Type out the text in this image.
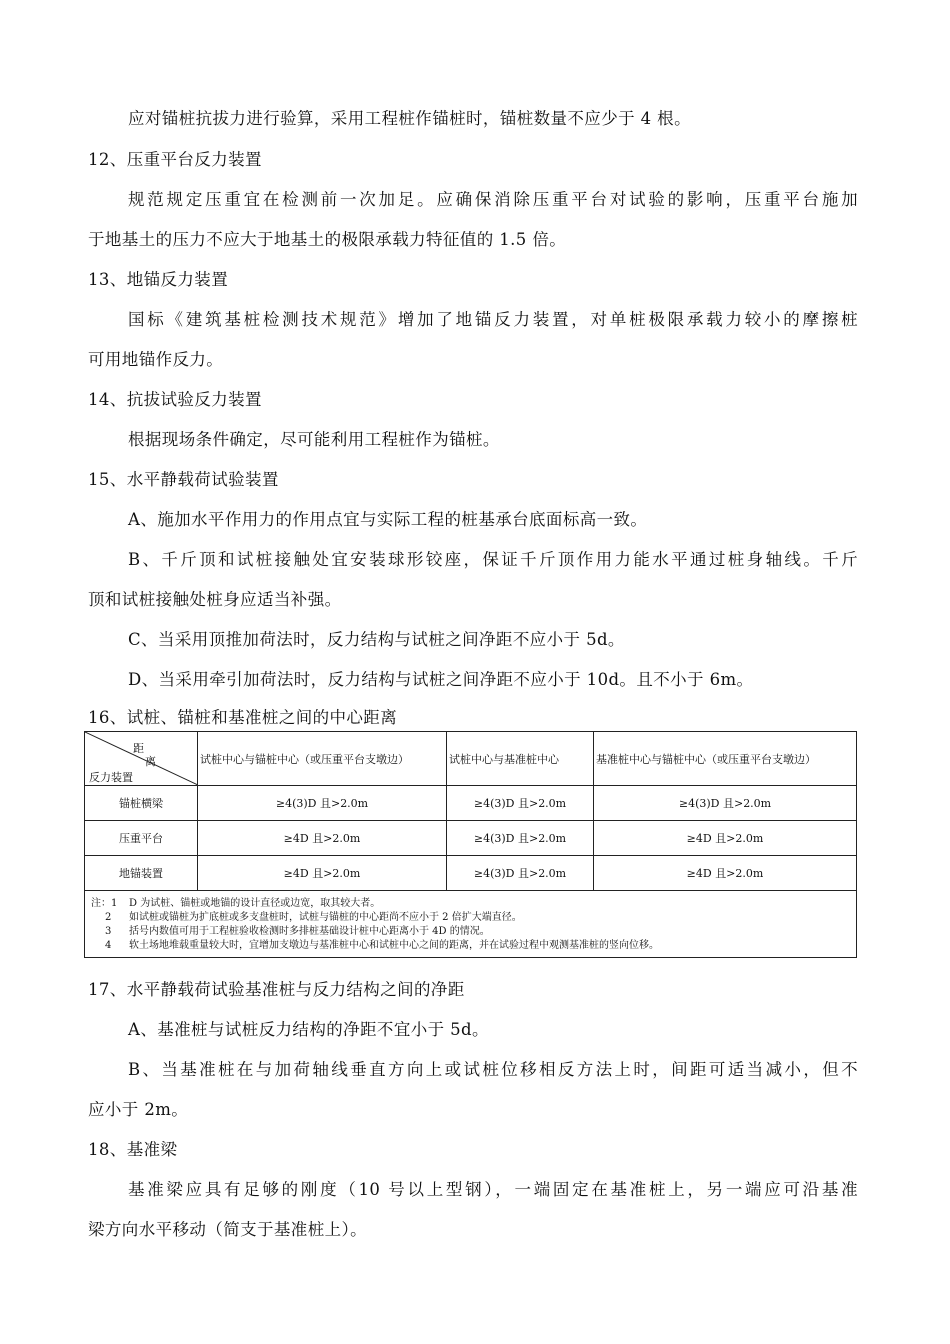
应对锚桩抗拔力进行验算，采用工程桩作锚桩时，锚桩数量不应少于 4 根。
12、压重平台反力装置
规范规定压重宜在检测前一次加足。应确保消除压重平台对试验的影响，压重平台施加
于地基土的压力不应大于地基土的极限承载力特征值的 1.5 倍。
13、地锚反力装置
国标《建筑基桩检测技术规范》增加了地锚反力装置，对单桩极限承载力较小的摩擦桩
可用地锚作反力。
14、抗拔试验反力装置
根据现场条件确定，尽可能利用工程桩作为锚桩。
15、水平静载荷试验装置
A、施加水平作用力的作用点宜与实际工程的桩基承台底面标高一致。
B、千斤顶和试桩接触处宜安装球形铰座，保证千斤顶作用力能水平通过桩身轴线。千斤
顶和试桩接触处桩身应适当补强。
C、当采用顶推加荷法时，反力结构与试桩之间净距不应小于 5d。
D、当采用牵引加荷法时，反力结构与试桩之间净距不应小于 10d。且不小于 6m。
16、试桩、锚桩和基准桩之间的中心距离
距
离
反力装置	试桩中心与锚桩中心（或压重平台支墩边）	试桩中心与基准桩中心	基准桩中心与锚桩中心（或压重平台支墩边）
锚桩横梁	≥4(3)D 且>2.0m	≥4(3)D 且>2.0m	≥4(3)D 且>2.0m
压重平台	≥4D 且>2.0m	≥4(3)D 且>2.0m	≥4D 且>2.0m
地锚装置	≥4D 且>2.0m	≥4(3)D 且>2.0m	≥4D 且>2.0m

注：1 D 为试桩、锚桩或地锚的设计直径或边宽，取其较大者。
2 如试桩或锚桩为扩底桩或多支盘桩时，试桩与锚桩的中心距尚不应小于 2 倍扩大端直径。
3 括号内数值可用于工程桩验收检测时多排桩基础设计桩中心距离小于 4D 的情况。
4 软土场地堆载重量较大时，宜增加支墩边与基准桩中心和试桩中心之间的距离，并在试验过程中观测基准桩的竖向位移。			
17、水平静载荷试验基准桩与反力结构之间的净距
A、基准桩与试桩反力结构的净距不宜小于 5d。
B、当基准桩在与加荷轴线垂直方向上或试桩位移相反方法上时，间距可适当减小，但不
应小于 2m。
18、基准梁
基准梁应具有足够的刚度（10 号以上型钢），一端固定在基准桩上，另一端应可沿基准
梁方向水平移动（简支于基准桩上）。
